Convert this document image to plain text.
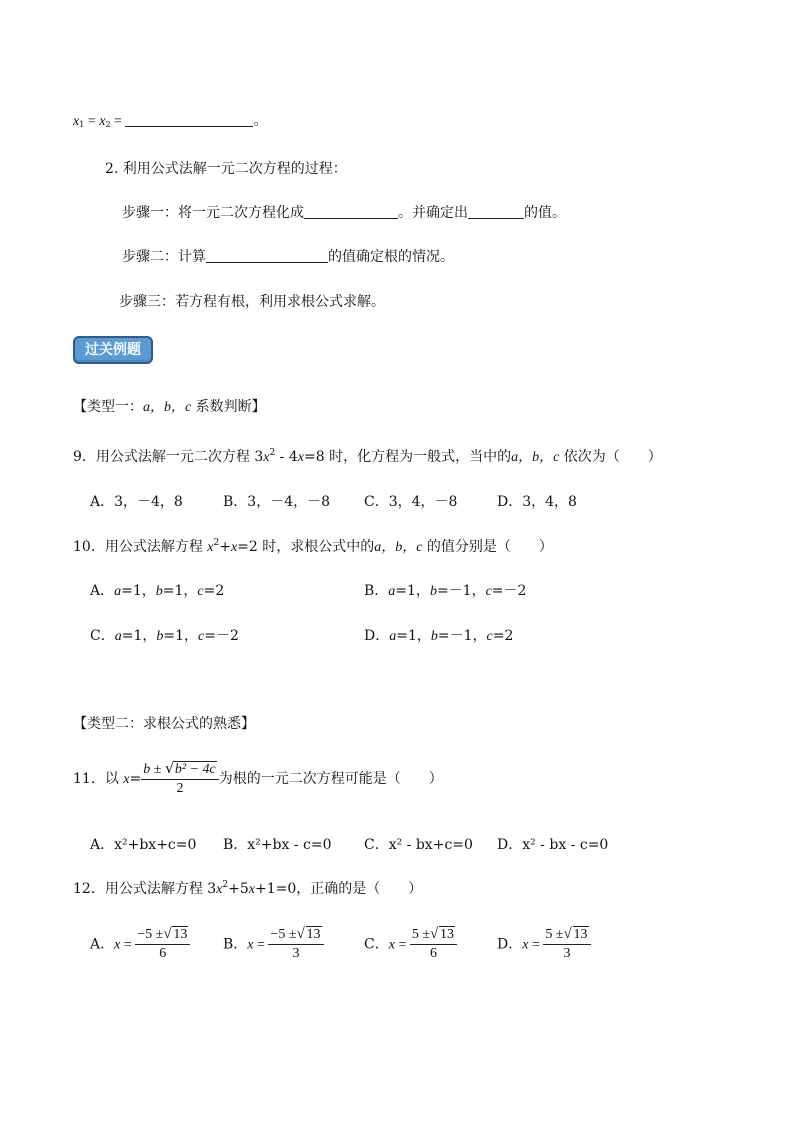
$x_1 = x_2$ =	。
2. 利用公式法解一元二次方程的过程：
步骤一：将一元二次方程化成	。并确定出	的值。
步骤二：计算	的值确定根的情况。
步骤三：若方程有根，利用求根公式求解。
过关例题
【类型一：a，b，c 系数判断】
9．用公式法解一元二次方程 $3x^2 - 4x=8$ 时，化方程为一般式，当中的a，b，c 依次为（　　）
A．3，－4，8	B．3，－4，－8 C．3，4，－8	D．3，4，8
10．用公式法解方程 $x^2+x=2$ 时，求根公式中的a，b，c 的值分别是（　　）
A．a=1，b=1，c=2	B．a=1，b=－1，c=－2
C．a=1，b=1，c=－2	D．a=1，b=－1，c=2
【类型二：求根公式的熟悉】
11．以 $x= \frac{\text{b ± √ b² − 4c}}{2}$ 为根的一元二次方程可能是（　　）
A．x²+bx+c=0 B．x²+bx - c=0 C．x² - bx+c=0 D．x² - bx - c=0
12．用公式法解方程 $3x^2+5x+1=0$，正确的是（　　）
A．$x = \frac{-5 \pm √ 13}{6}$ B．$x = \frac{-5 \pm √ 13}{3}$	C．$x = \frac{5 \pm √ 13}{6}$	D．$x = \frac{5 \pm √ 13}{3}$
